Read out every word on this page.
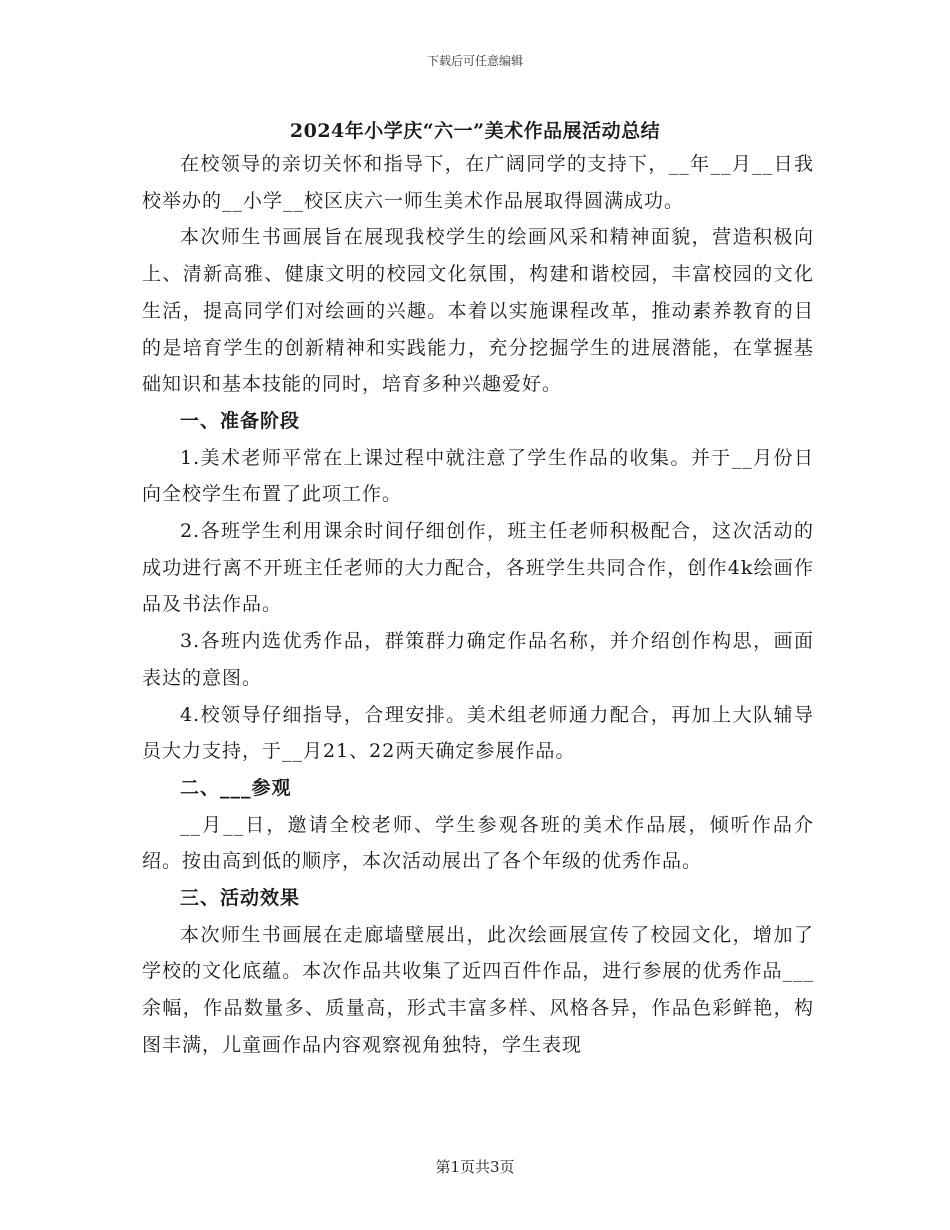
下载后可任意编辑
2024年小学庆“六一”美术作品展活动总结

在校领导的亲切关怀和指导下，在广阔同学的支持下，__年__月__日我校举办的__小学__校区庆六一师生美术作品展取得圆满成功。

本次师生书画展旨在展现我校学生的绘画风采和精神面貌，营造积极向上、清新高雅、健康文明的校园文化氛围，构建和谐校园，丰富校园的文化生活，提高同学们对绘画的兴趣。本着以实施课程改革，推动素养教育的目的是培育学生的创新精神和实践能力，充分挖掘学生的进展潜能，在掌握基础知识和基本技能的同时，培育多种兴趣爱好。

一、准备阶段

1.美术老师平常在上课过程中就注意了学生作品的收集。并于__月份日向全校学生布置了此项工作。

2.各班学生利用课余时间仔细创作，班主任老师积极配合，这次活动的成功进行离不开班主任老师的大力配合，各班学生共同合作，创作4k绘画作品及书法作品。

3.各班内选优秀作品，群策群力确定作品名称，并介绍创作构思，画面表达的意图。

4.校领导仔细指导，合理安排。美术组老师通力配合，再加上大队辅导员大力支持，于__月21、22两天确定参展作品。

二、___参观

__月__日，邀请全校老师、学生参观各班的美术作品展，倾听作品介绍。按由高到低的顺序，本次活动展出了各个年级的优秀作品。

三、活动效果

本次师生书画展在走廊墙壁展出，此次绘画展宣传了校园文化，增加了学校的文化底蕴。本次作品共收集了近四百件作品，进行参展的优秀作品___余幅，作品数量多、质量高，形式丰富多样、风格各异，作品色彩鲜艳，构图丰满，儿童画作品内容观察视角独特，学生表现

第1页共3页
